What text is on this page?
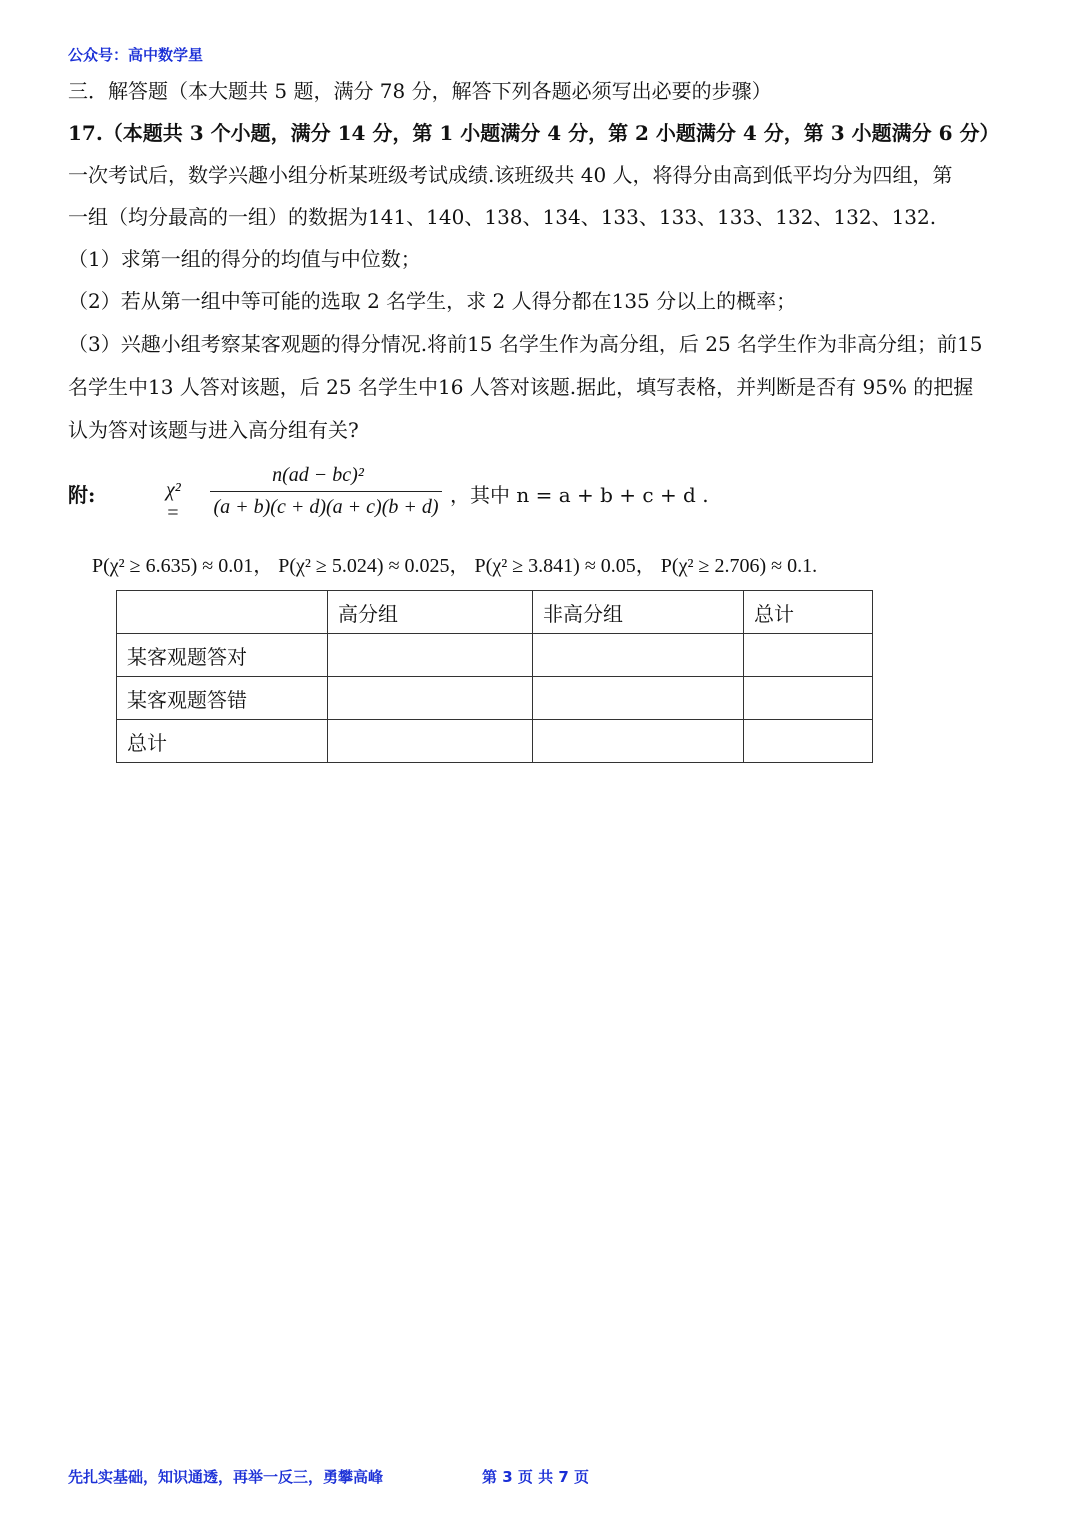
公众号：高中数学星
三．解答题（本大题共 5 题，满分 78 分，解答下列各题必须写出必要的步骤）
17.（本题共 3 个小题，满分 14 分，第 1 小题满分 4 分，第 2 小题满分 4 分，第 3 小题满分 6 分）
一次考试后，数学兴趣小组分析某班级考试成绩.该班级共 40 人，将得分由高到低平均分为四组，第
一组（均分最高的一组）的数据为141、140、138、134、133、133、133、132、132、132.
（1）求第一组的得分的均值与中位数；
（2）若从第一组中等可能的选取 2 名学生，求 2 人得分都在135 分以上的概率；
（3）兴趣小组考察某客观题的得分情况.将前15 名学生作为高分组，后 25 名学生作为非高分组；前15
名学生中13 人答对该题，后 25 名学生中16 人答对该题.据此，填写表格，并判断是否有 95% 的把握
认为答对该题与进入高分组有关?
附:	χ² =
n(ad − bc)²
(a + b)(c + d)(a + c)(b + d) ，其中 n = a + b + c + d .
P(χ² ≥ 6.635) ≈ 0.01， P(χ² ≥ 5.024) ≈ 0.025， P(χ² ≥ 3.841) ≈ 0.05， P(χ² ≥ 2.706) ≈ 0.1.
	高分组	非高分组	总计
某客观题答对			
某客观题答错			
总计			
先扎实基础，知识通透，再举一反三，勇攀高峰	第 3 页 共 7 页
